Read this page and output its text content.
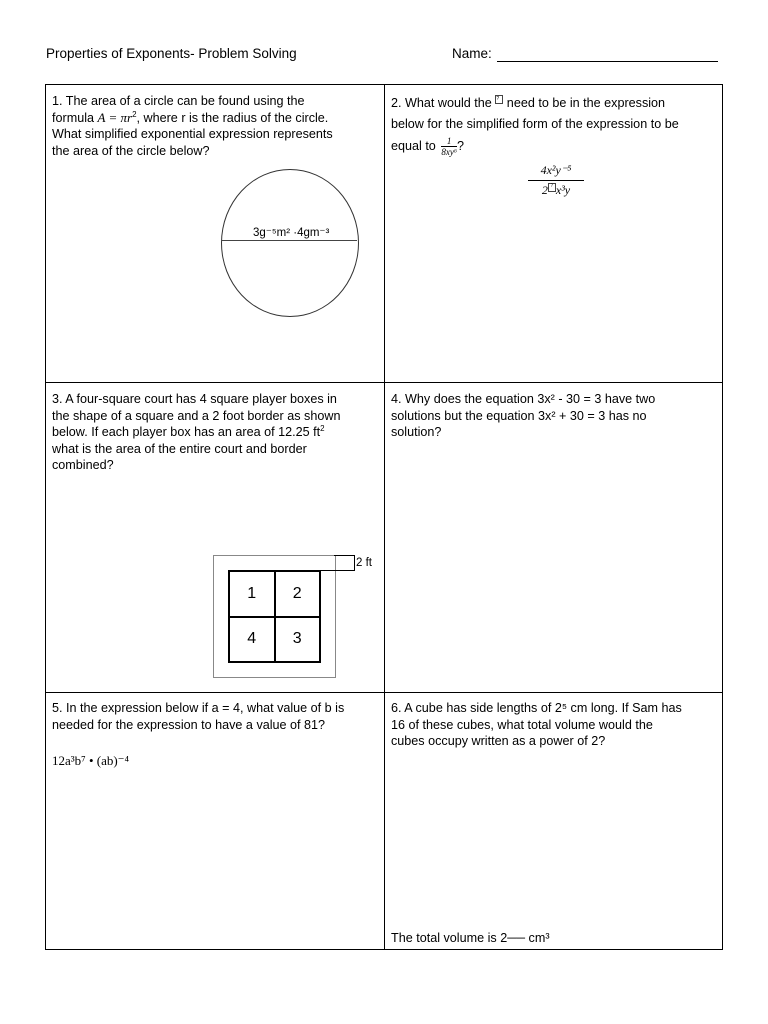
Properties of Exponents- Problem Solving	Name:
1. The area of a circle can be found using the
formula $A = \pi r^2$, where r is the radius of the circle.
What simplified exponential expression represents
the area of the circle below?
3g⁻⁵m² ·4gm⁻³
2. What would the ? need to be in the expression
below for the simplified form of the expression to be
equal to $\frac{1}{\text{8xy⁶}}$ ?
$\frac{\text{4x²y⁻⁵}}{\text{2 ? x³y}}$
3. A four-square court has 4 square player boxes in
the shape of a square and a 2 foot border as shown
below. If each player box has an area of 12.25 $ft^2$
what is the area of the entire court and border
combined?
1	2
4	3
2 ft
4. Why does the equation 3x² - 30 = 3 have two
solutions but the equation 3x² + 30 = 3 has no
solution?
5. In the expression below if a = 4, what value of b is
needed for the expression to have a value of 81?
12a³b⁷ • (ab)⁻⁴
6. A cube has side lengths of 2⁵ cm long. If Sam has
16 of these cubes, what total volume would the
cubes occupy written as a power of 2?
The total volume is 2── cm³
